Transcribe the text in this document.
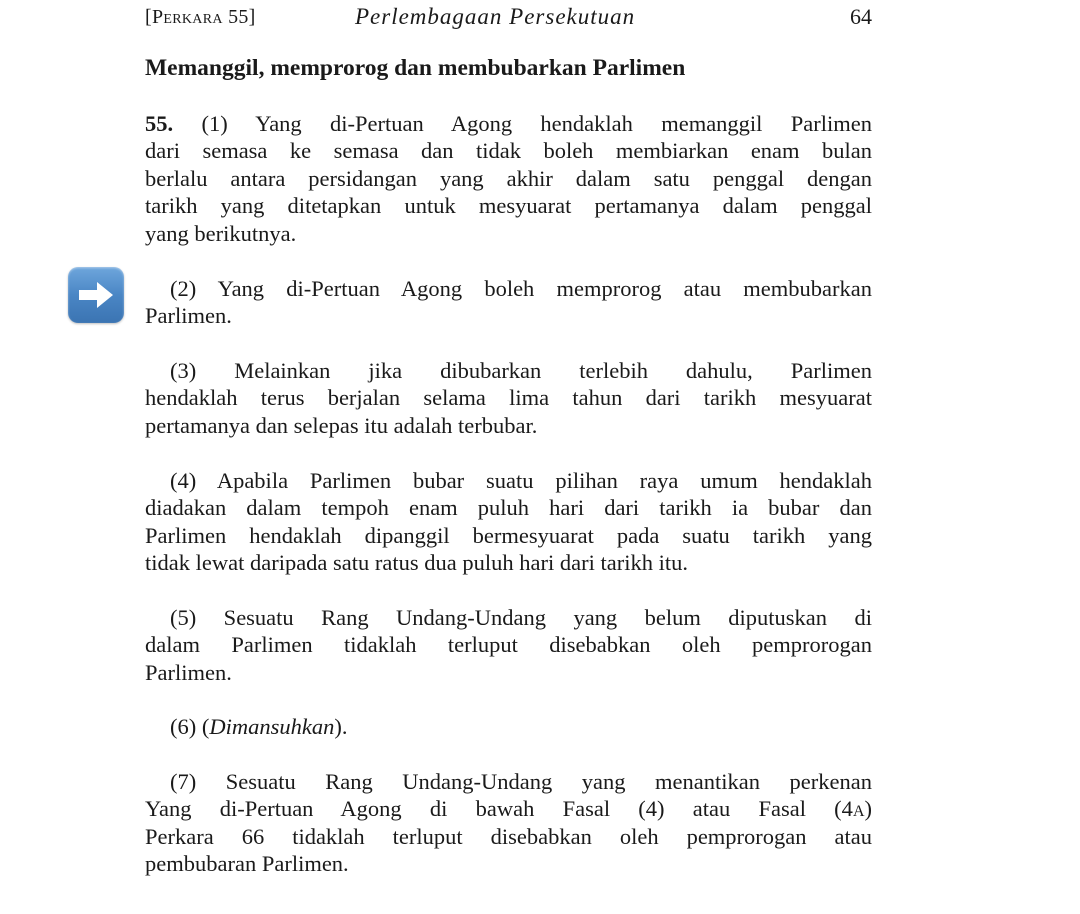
[Perkara 55]	Perlembagaan Persekutuan	64
Memanggil, memprorog dan membubarkan Parlimen
55. (1) Yang di-Pertuan Agong hendaklah memanggil Parlimen
dari semasa ke semasa dan tidak boleh membiarkan enam bulan
berlalu antara persidangan yang akhir dalam satu penggal dengan
tarikh yang ditetapkan untuk mesyuarat pertamanya dalam penggal
yang berikutnya.
(2) Yang di-Pertuan Agong boleh memprorog atau membubarkan
Parlimen.
(3) Melainkan jika dibubarkan terlebih dahulu, Parlimen
hendaklah terus berjalan selama lima tahun dari tarikh mesyuarat
pertamanya dan selepas itu adalah terbubar.
(4) Apabila Parlimen bubar suatu pilihan raya umum hendaklah
diadakan dalam tempoh enam puluh hari dari tarikh ia bubar dan
Parlimen hendaklah dipanggil bermesyuarat pada suatu tarikh yang
tidak lewat daripada satu ratus dua puluh hari dari tarikh itu.
(5) Sesuatu Rang Undang-Undang yang belum diputuskan di
dalam Parlimen tidaklah terluput disebabkan oleh pemprorogan
Parlimen.
(6) (Dimansuhkan).
(7) Sesuatu Rang Undang-Undang yang menantikan perkenan
Yang di-Pertuan Agong di bawah Fasal (4) atau Fasal (4a)
Perkara 66 tidaklah terluput disebabkan oleh pemprorogan atau
pembubaran Parlimen.
